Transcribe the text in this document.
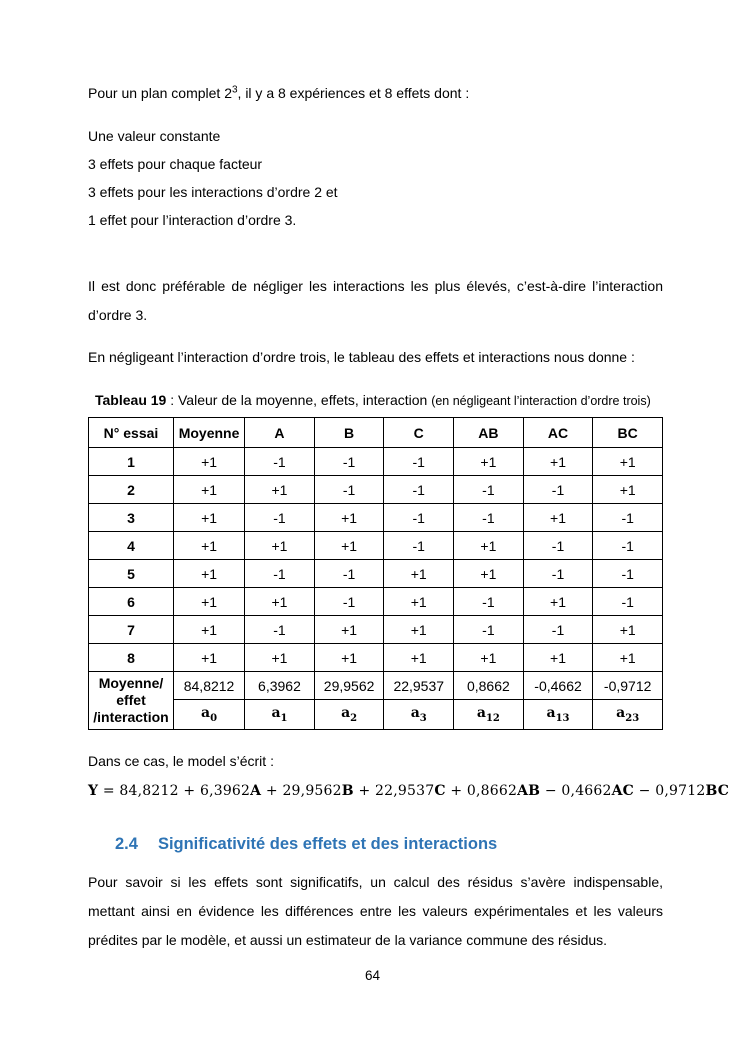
Pour un plan complet $2^3$, il y a 8 expériences et 8 effets dont :

Une valeur constante

3 effets pour chaque facteur

3 effets pour les interactions d’ordre 2 et

1 effet pour l’interaction d’ordre 3.

Il est donc préférable de négliger les interactions les plus élevés, c’est-à-dire l’interaction d’ordre 3.

En négligeant l’interaction d’ordre trois, le tableau des effets et interactions nous donne :

Tableau 19 : Valeur de la moyenne, effets, interaction (en négligeant l’interaction d’ordre trois)

N° essai	Moyenne	A	B	C	AB	AC	BC
1	+1	-1	-1	-1	+1	+1	+1
2	+1	+1	-1	-1	-1	-1	+1
3	+1	-1	+1	-1	-1	+1	-1
4	+1	+1	+1	-1	+1	-1	-1
5	+1	-1	-1	+1	+1	-1	-1
6	+1	+1	-1	+1	-1	+1	-1
7	+1	-1	+1	+1	-1	-1	+1
8	+1	+1	+1	+1	+1	+1	+1

Moyenne/
effet
/interaction	84,8212	6,3962	29,9562	22,9537	0,8662	-0,4662	-0,9712
	$a_0$	$a_1$	$a_2$	$a_3$	$a_{12}$	$a_{13}$	$a_{23}$

Dans ce cas, le model s’écrit :

Y = 84,8212 + 6,3962A + 29,9562B + 22,9537C + 0,8662AB − 0,4662AC − 0,9712BC

2.4 Significativité des effets et des interactions

Pour savoir si les effets sont significatifs, un calcul des résidus s’avère indispensable, mettant ainsi en évidence les différences entre les valeurs expérimentales et les valeurs prédites par le modèle, et aussi un estimateur de la variance commune des résidus.

64
